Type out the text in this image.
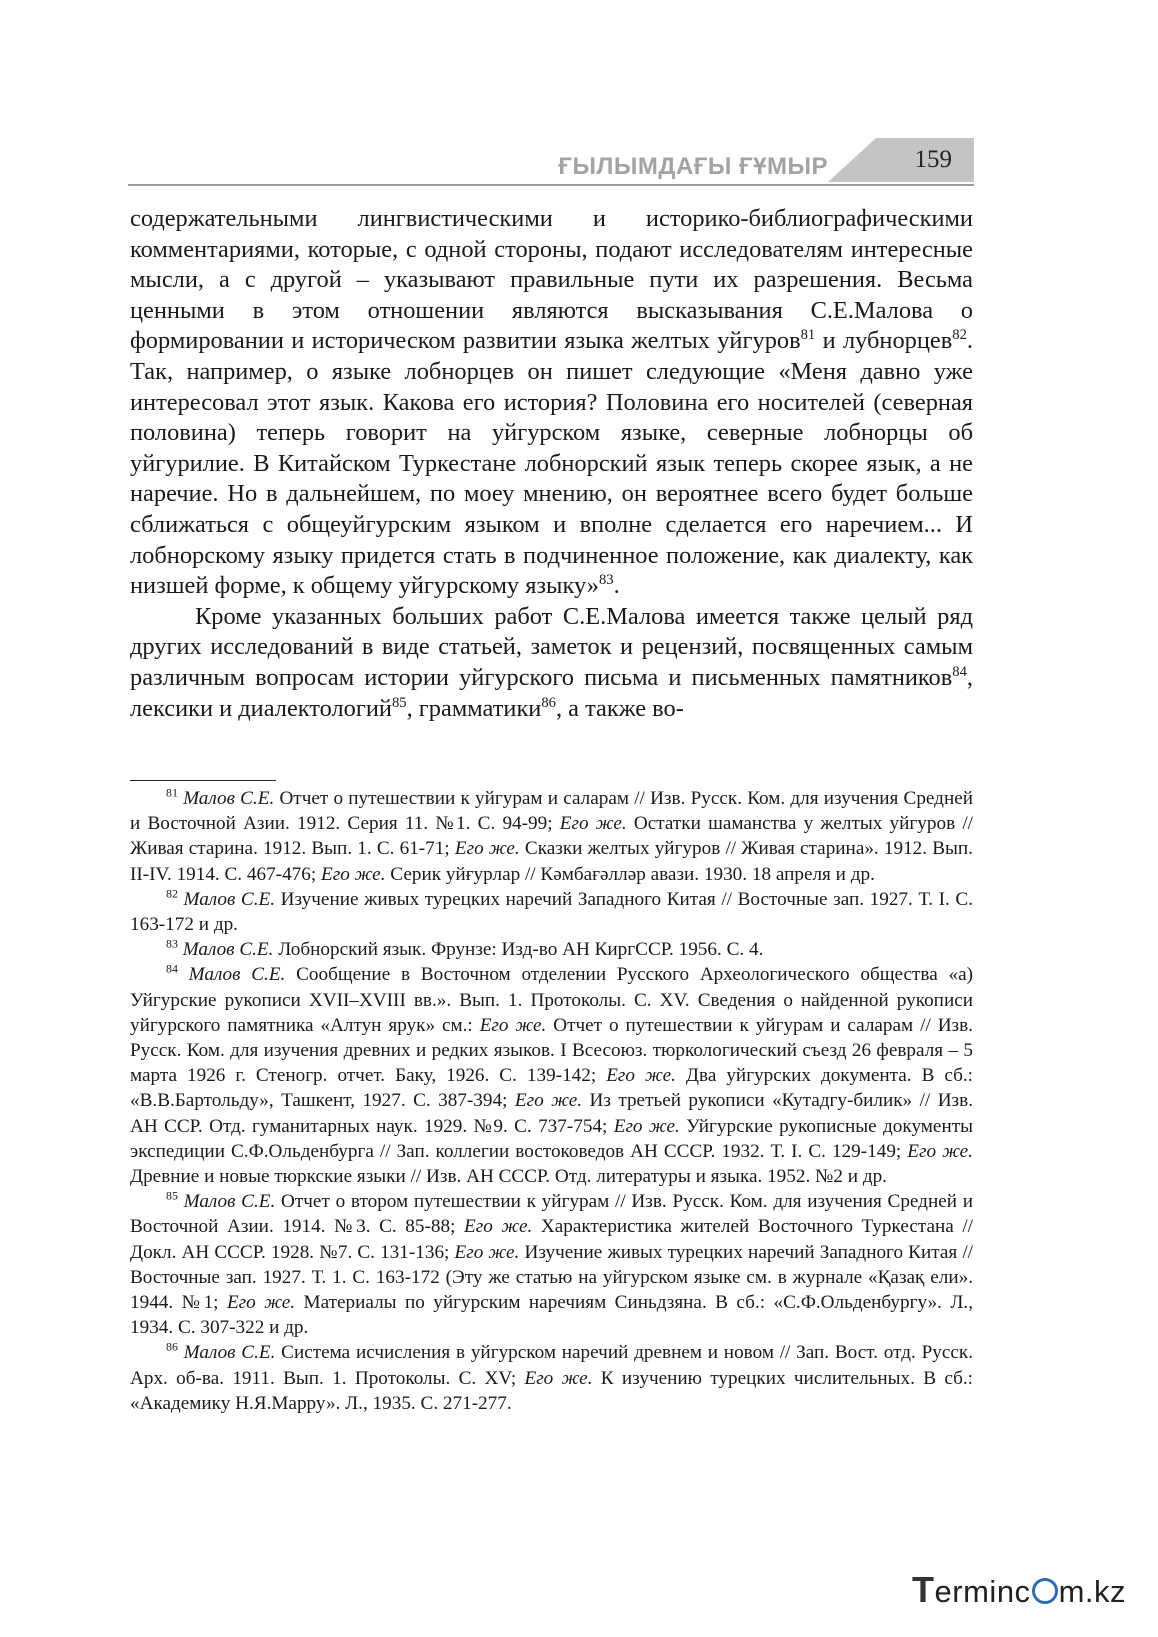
ҒЫЛЫМДАҒЫ ҒҰМЫР	159

содержательными лингвистическими и историко-библиографическими комментариями, которые, с одной стороны, подают исследователям интересные мысли, а с другой – указывают правильные пути их разрешения. Весьма ценными в этом отношении являются высказывания С.Е.Малова о формировании и историческом развитии языка желтых уйгуров$^{81}$ и лубнорцев$^{82}$. Так, например, о языке лобнорцев он пишет следующие «Меня давно уже интересовал этот язык. Какова его история? Половина его носителей (северная половина) теперь говорит на уйгурском языке, северные лобнорцы об уйгурилие. В Китайском Туркестане лобнорский язык теперь скорее язык, а не наречие. Но в дальнейшем, по моеу мнению, он вероятнее всего будет больше сближаться с общеуйгурским языком и вполне сделается его наречием... И лобнорскому языку придется стать в подчиненное положение, как диалекту, как низшей форме, к общему уйгурскому языку»$^{83}$.

Кроме указанных больших работ С.Е.Малова имеется также целый ряд других исследований в виде статьей, заметок и рецензий, посвященных самым различным вопросам истории уйгурского письма и письменных памятников$^{84}$, лексики и диалектологий$^{85}$, грамматики$^{86}$, а также во-

$^{81}$ Малов С.Е. Отчет о путешествии к уйгурам и саларам // Изв. Русск. Ком. для изучения Средней и Восточной Азии. 1912. Серия 11. №1. С. 94-99; Его же. Остатки шаманства у желтых уйгуров // Живая старина. 1912. Вып. 1. С. 61-71; Его же. Сказки желтых уйгуров // Живая старина». 1912. Вып. II-IV. 1914. С. 467-476; Его же. Серик уйғурлар // Кәмбағәлләр авази. 1930. 18 апреля и др.

$^{82}$ Малов С.Е. Изучение живых турецких наречий Западного Китая // Восточные зап. 1927. Т. I. С. 163-172 и др.

$^{83}$ Малов С.Е. Лобнорский язык. Фрунзе: Изд-во АН КиргССР. 1956. С. 4.

$^{84}$ Малов С.Е. Сообщение в Восточном отделении Русского Археологического общества «а) Уйгурские рукописи XVII–XVIII вв.». Вып. 1. Протоколы. С. XV. Сведения о найденной рукописи уйгурского памятника «Алтун ярук» см.: Его же. Отчет о путешествии к уйгурам и саларам // Изв. Русск. Ком. для изучения древних и редких языков. I Всесоюз. тюркологический съезд 26 февраля – 5 марта 1926 г. Стеногр. отчет. Баку, 1926. С. 139-142; Его же. Два уйгурских документа. В сб.: «В.В.Бартольду», Ташкент, 1927. С. 387-394; Его же. Из третьей рукописи «Кутадгу-билик» // Изв. АН ССР. Отд. гуманитарных наук. 1929. №9. С. 737-754; Его же. Уйгурские рукописные документы экспедиции С.Ф.Ольденбурга // Зап. коллегии востоковедов АН СССР. 1932. Т. I. С. 129-149; Его же. Древние и новые тюркские языки // Изв. АН СССР. Отд. литературы и языка. 1952. №2 и др.

$^{85}$ Малов С.Е. Отчет о втором путешествии к уйгурам // Изв. Русск. Ком. для изучения Средней и Восточной Азии. 1914. №3. С. 85-88; Его же. Характеристика жителей Восточного Туркестана // Докл. АН СССР. 1928. №7. С. 131-136; Его же. Изучение живых турецких наречий Западного Китая // Восточные зап. 1927. Т. 1. С. 163-172 (Эту же статью на уйгурском языке см. в журнале «Қазақ ели». 1944. №1; Его же. Материалы по уйгурским наречиям Синьдзяна. В сб.: «С.Ф.Ольденбургу». Л., 1934. С. 307-322 и др.

$^{86}$ Малов С.Е. Система исчисления в уйгурском наречий древнем и новом // Зап. Вост. отд. Русск. Арх. об-ва. 1911. Вып. 1. Протоколы. С. XV; Его же. К изучению турецких числительных. В сб.: «Академику Н.Я.Марру». Л., 1935. С. 271-277.

Terminc m.kz
